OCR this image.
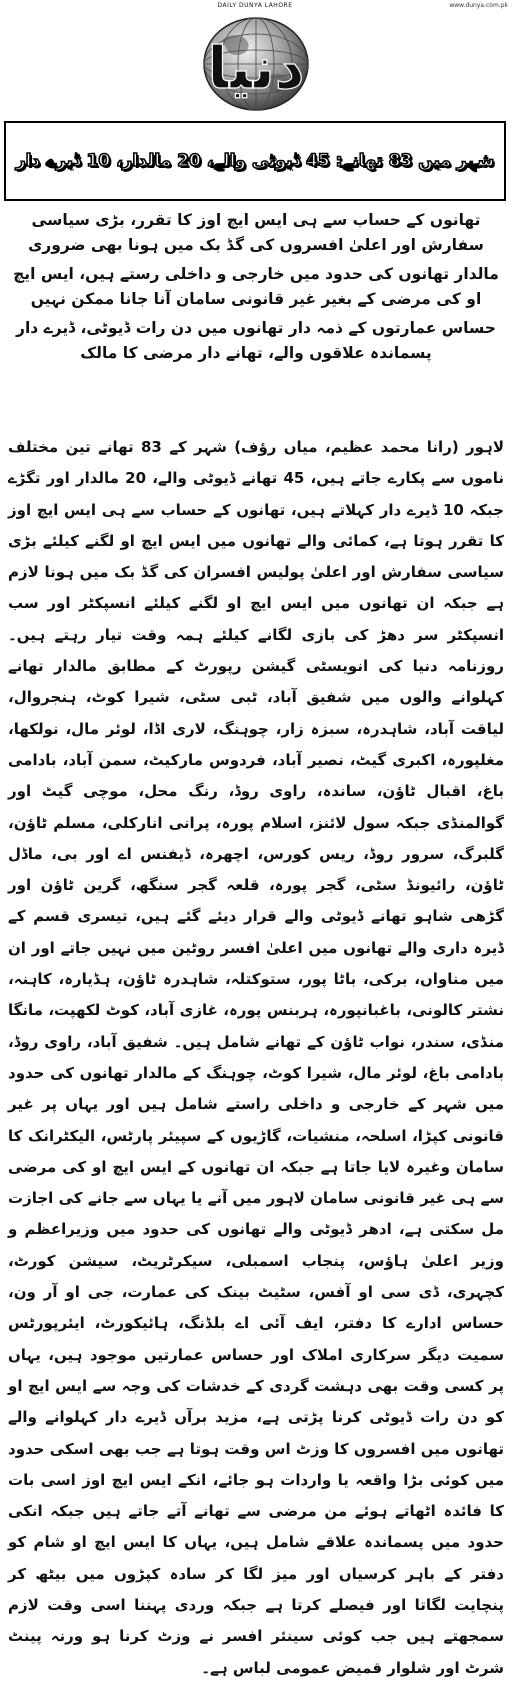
DAILY DUNYA LAHORE	www.dunya.com.pk
دنیا
شہر میں 83 تھانے: 45 ڈیوٹی والے، 20 مالدار، 10 ڈیرے دار

تھانوں کے حساب سے ہی ایس ایچ اوز کا تقرر، بڑی سیاسی سفارش اور اعلیٰ افسروں کی گڈ بک میں ہونا بھی ضروری

مالدار تھانوں کی حدود میں خارجی و داخلی رستے ہیں، ایس ایچ او کی مرضی کے بغیر غیر قانونی سامان آنا جانا ممکن نہیں

حساس عمارتوں کے ذمہ دار تھانوں میں دن رات ڈیوٹی، ڈیرے دار پسماندہ علاقوں والے، تھانے دار مرضی کا مالک

لاہور (رانا محمد عظیم، میاں رؤف) شہر کے 83 تھانے تین مختلف ناموں سے پکارے جاتے ہیں، 45 تھانے ڈیوٹی والے، 20 مالدار اور تگڑے جبکہ 10 ڈیرے دار کہلاتے ہیں، تھانوں کے حساب سے ہی ایس ایچ اوز کا تقرر ہوتا ہے، کمائی والے تھانوں میں ایس ایچ او لگنے کیلئے بڑی سیاسی سفارش اور اعلیٰ پولیس افسران کی گڈ بک میں ہونا لازم ہے جبکہ ان تھانوں میں ایس ایچ او لگنے کیلئے انسپکٹر اور سب انسپکٹر سر دھڑ کی بازی لگانے کیلئے ہمہ وقت تیار رہتے ہیں۔ روزنامہ دنیا کی انویسٹی گیشن رپورٹ کے مطابق مالدار تھانے کہلوانے والوں میں شفیق آباد، ٹبی سٹی، شیرا کوٹ، ہنجروال، لیاقت آباد، شاہدرہ، سبزہ زار، چوہنگ، لاری اڈا، لوئر مال، نولکھا، مغلپورہ، اکبری گیٹ، نصیر آباد، فردوس مارکیٹ، سمن آباد، بادامی باغ، اقبال ٹاؤن، ساندہ، راوی روڈ، رنگ محل، موچی گیٹ اور گوالمنڈی جبکہ سول لائنز، اسلام پورہ، پرانی انارکلی، مسلم ٹاؤن، گلبرگ، سرور روڈ، ریس کورس، اچھرہ، ڈیفنس اے اور بی، ماڈل ٹاؤن، رائیونڈ سٹی، گجر پورہ، قلعہ گجر سنگھ، گرین ٹاؤن اور گڑھی شاہو تھانے ڈیوٹی والے قرار دیئے گئے ہیں، تیسری قسم کے ڈیرہ داری والے تھانوں میں اعلیٰ افسر روٹین میں نہیں جاتے اور ان میں مناواں، برکی، باٹا پور، ستوکتلہ، شاہدرہ ٹاؤن، ہڈیارہ، کاہنہ، نشتر کالونی، باغبانپورہ، ہربنس پورہ، غازی آباد، کوٹ لکھپت، مانگا منڈی، سندر، نواب ٹاؤن کے تھانے شامل ہیں۔ شفیق آباد، راوی روڈ، بادامی باغ، لوئر مال، شیرا کوٹ، چوہنگ کے مالدار تھانوں کی حدود میں شہر کے خارجی و داخلی راستے شامل ہیں اور یہاں پر غیر قانونی کپڑا، اسلحہ، منشیات، گاڑیوں کے سپیئر پارٹس، الیکٹرانک کا سامان وغیرہ لایا جاتا ہے جبکہ ان تھانوں کے ایس ایچ او کی مرضی سے ہی غیر قانونی سامان لاہور میں آنے یا یہاں سے جانے کی اجازت مل سکتی ہے، ادھر ڈیوٹی والے تھانوں کی حدود میں وزیراعظم و وزیر اعلیٰ ہاؤس، پنجاب اسمبلی، سیکرٹریٹ، سیشن کورٹ، کچہری، ڈی سی او آفس، سٹیٹ بینک کی عمارت، جی او آر ون، حساس ادارے کا دفتر، ایف آئی اے بلڈنگ، ہائیکورٹ، ایئرپورٹس سمیت دیگر سرکاری املاک اور حساس عمارتیں موجود ہیں، یہاں پر کسی وقت بھی دہشت گردی کے خدشات کی وجہ سے ایس ایچ او کو دن رات ڈیوٹی کرنا پڑتی ہے، مزید برآں ڈیرے دار کہلوانے والے تھانوں میں افسروں کا وزٹ اس وقت ہوتا ہے جب بھی اسکی حدود میں کوئی بڑا واقعہ یا واردات ہو جائے، انکے ایس ایچ اوز اسی بات کا فائدہ اٹھاتے ہوئے من مرضی سے تھانے آتے جاتے ہیں جبکہ انکی حدود میں پسماندہ علاقے شامل ہیں، یہاں کا ایس ایچ او شام کو دفتر کے باہر کرسیاں اور میز لگا کر سادہ کپڑوں میں بیٹھ کر پنچایت لگاتا اور فیصلے کرتا ہے جبکہ وردی پہننا اسی وقت لازم سمجھتے ہیں جب کوئی سینئر افسر نے وزٹ کرنا ہو ورنہ پینٹ شرٹ اور شلوار قمیض عمومی لباس ہے۔
